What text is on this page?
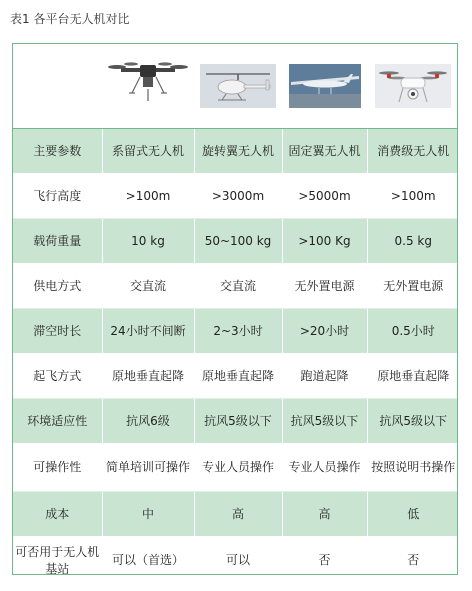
表1 各平台无人机对比

主要参数	系留式无人机	旋转翼无人机	固定翼无人机	消费级无人机
飞行高度	>100m	>3000m	>5000m	>100m
载荷重量	10 kg	50~100 kg	>100 Kg	0.5 kg
供电方式	交直流	交直流	无外置电源	无外置电源
滞空时长	24小时不间断	2~3小时	>20小时	0.5小时
起飞方式	原地垂直起降	原地垂直起降	跑道起降	原地垂直起降
环境适应性	抗风6级	抗风5级以下	抗风5级以下	抗风5级以下
可操作性	简单培训可操作	专业人员操作	专业人员操作	按照说明书操作
成本	中	高	高	低
可否用于无人机基站	可以（首选）	可以	否	否
